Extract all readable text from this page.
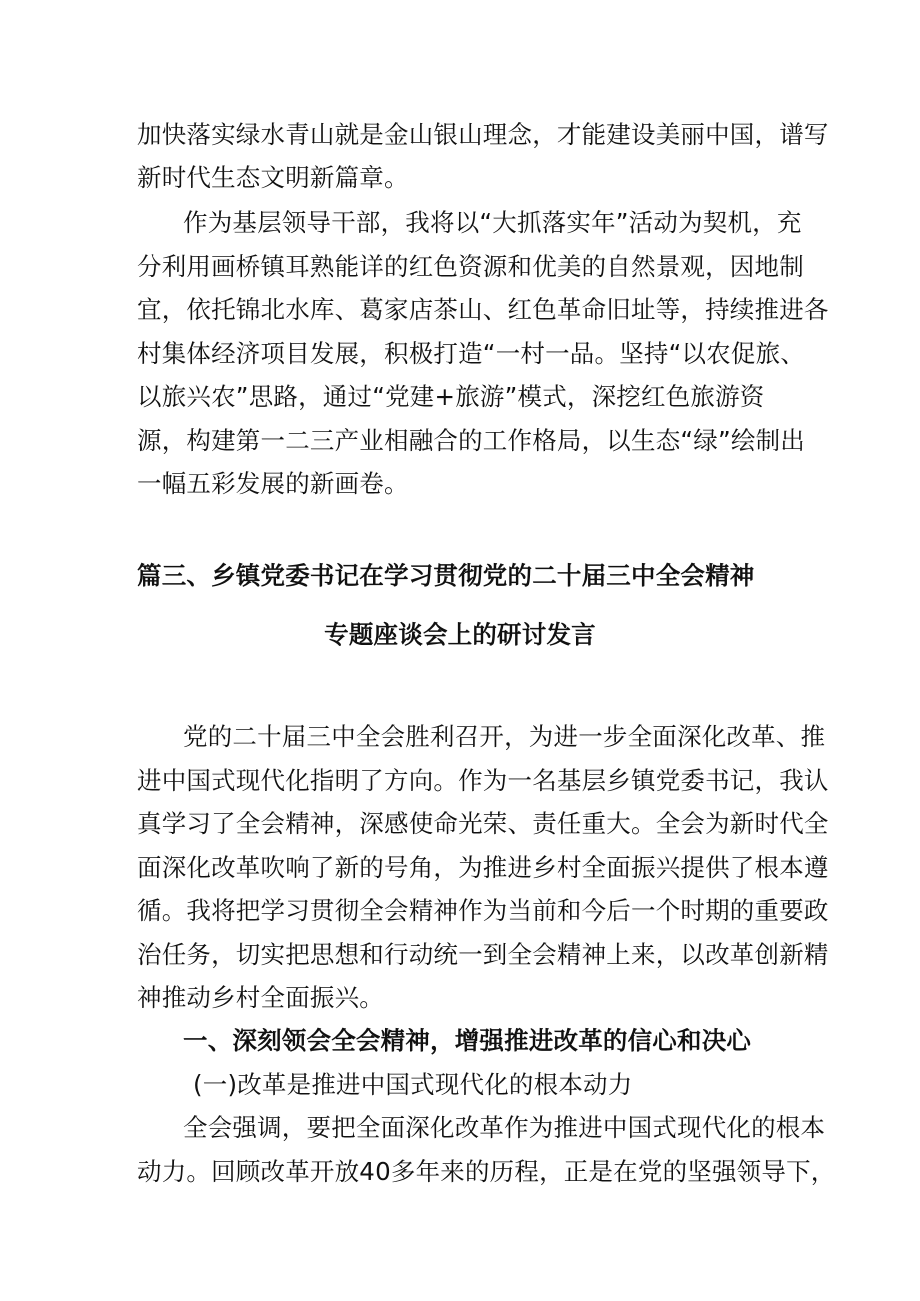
加快落实绿水青山就是金山银山理念，才能建设美丽中国，谱写
新时代生态文明新篇章。
作为基层领导干部，我将以“大抓落实年”活动为契机，充
分利用画桥镇耳熟能详的红色资源和优美的自然景观，因地制
宜，依托锦北水库、葛家店茶山、红色革命旧址等，持续推进各
村集体经济项目发展，积极打造“一村一品。坚持“以农促旅、
以旅兴农”思路，通过“党建+旅游”模式，深挖红色旅游资
源，构建第一二三产业相融合的工作格局，以生态“绿”绘制出
一幅五彩发展的新画卷。
篇三、乡镇党委书记在学习贯彻党的二十届三中全会精神
专题座谈会上的研讨发言
党的二十届三中全会胜利召开，为进一步全面深化改革、推
进中国式现代化指明了方向。作为一名基层乡镇党委书记，我认
真学习了全会精神，深感使命光荣、责任重大。全会为新时代全
面深化改革吹响了新的号角，为推进乡村全面振兴提供了根本遵
循。我将把学习贯彻全会精神作为当前和今后一个时期的重要政
治任务，切实把思想和行动统一到全会精神上来，以改革创新精
神推动乡村全面振兴。
一、深刻领会全会精神，增强推进改革的信心和决心
(一)改革是推进中国式现代化的根本动力
全会强调，要把全面深化改革作为推进中国式现代化的根本
动力。回顾改革开放40多年来的历程，正是在党的坚强领导下，
